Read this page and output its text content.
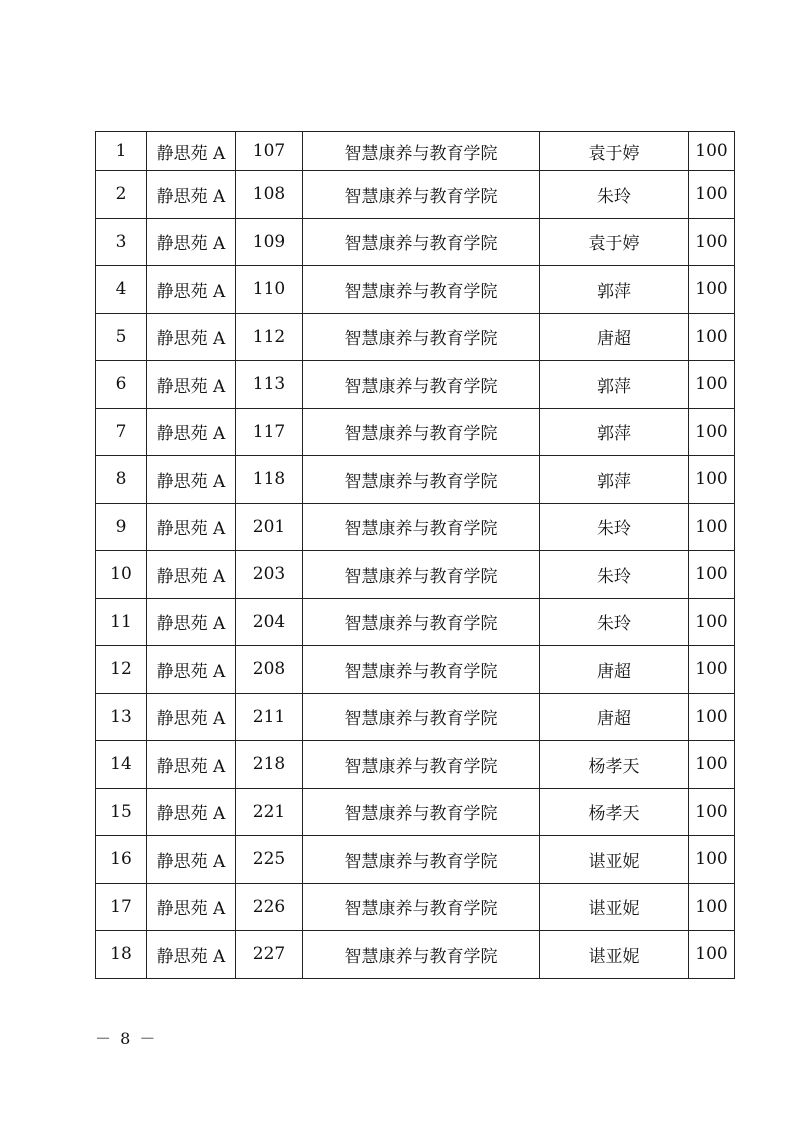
1	静思苑 A	107	智慧康养与教育学院	袁于婷	100
2	静思苑 A	108	智慧康养与教育学院	朱玲	100
3	静思苑 A	109	智慧康养与教育学院	袁于婷	100
4	静思苑 A	110	智慧康养与教育学院	郭萍	100
5	静思苑 A	112	智慧康养与教育学院	唐超	100
6	静思苑 A	113	智慧康养与教育学院	郭萍	100
7	静思苑 A	117	智慧康养与教育学院	郭萍	100
8	静思苑 A	118	智慧康养与教育学院	郭萍	100
9	静思苑 A	201	智慧康养与教育学院	朱玲	100
10	静思苑 A	203	智慧康养与教育学院	朱玲	100
11	静思苑 A	204	智慧康养与教育学院	朱玲	100
12	静思苑 A	208	智慧康养与教育学院	唐超	100
13	静思苑 A	211	智慧康养与教育学院	唐超	100
14	静思苑 A	218	智慧康养与教育学院	杨孝天	100
15	静思苑 A	221	智慧康养与教育学院	杨孝天	100
16	静思苑 A	225	智慧康养与教育学院	谌亚妮	100
17	静思苑 A	226	智慧康养与教育学院	谌亚妮	100
18	静思苑 A	227	智慧康养与教育学院	谌亚妮	100
－ 8 －
